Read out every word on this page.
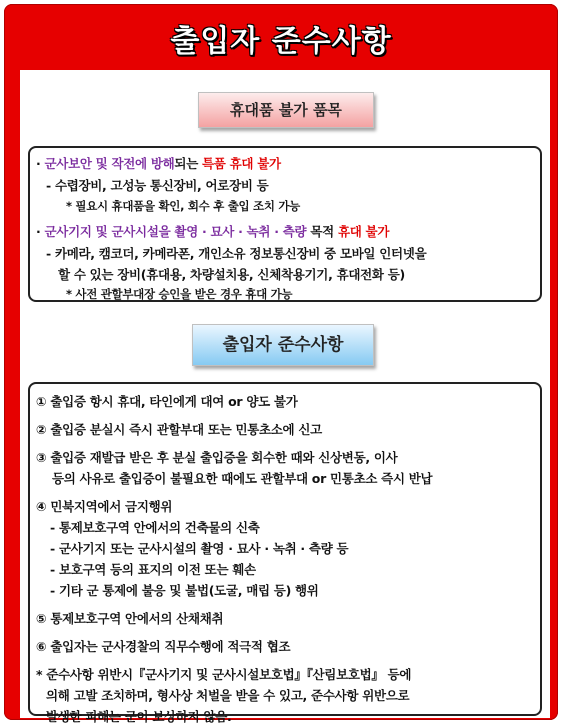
출입자 준수사항
휴대품 불가 품목
· 군사보안 및 작전에 방해되는 특품 휴대 불가
- 수렵장비, 고성능 통신장비, 어로장비 등
* 필요시 휴대품을 확인, 회수 후 출입 조치 가능
· 군사기지 및 군사시설을 촬영 · 묘사 · 녹취 · 측량 목적 휴대 불가
- 카메라, 캠코더, 카메라폰, 개인소유 정보통신장비 중 모바일 인터넷을
할 수 있는 장비(휴대용, 차량설치용, 신체착용기기, 휴대전화 등)
* 사전 관할부대장 승인을 받은 경우 휴대 가능
출입자 준수사항
① 출입증 항시 휴대, 타인에게 대여 or 양도 불가
② 출입증 분실시 즉시 관할부대 또는 민통초소에 신고
③ 출입증 재발급 받은 후 분실 출입증을 회수한 때와 신상변동, 이사
등의 사유로 출입증이 불필요한 때에도 관할부대 or 민통초소 즉시 반납
④ 민북지역에서 금지행위
- 통제보호구역 안에서의 건축물의 신축
- 군사기지 또는 군사시설의 촬영 · 묘사 · 녹취 · 측량 등
- 보호구역 등의 표지의 이전 또는 훼손
- 기타 군 통제에 불응 및 불법(도굴, 매립 등) 행위
⑤ 통제보호구역 안에서의 산채채취
⑥ 출입자는 군사경찰의 직무수행에 적극적 협조
* 준수사항 위반시『군사기지 및 군사시설보호법』『산림보호법』 등에
의해 고발 조치하며, 형사상 처벌을 받을 수 있고, 준수사항 위반으로
발생한 피해는 군이 보상하지 않음.
